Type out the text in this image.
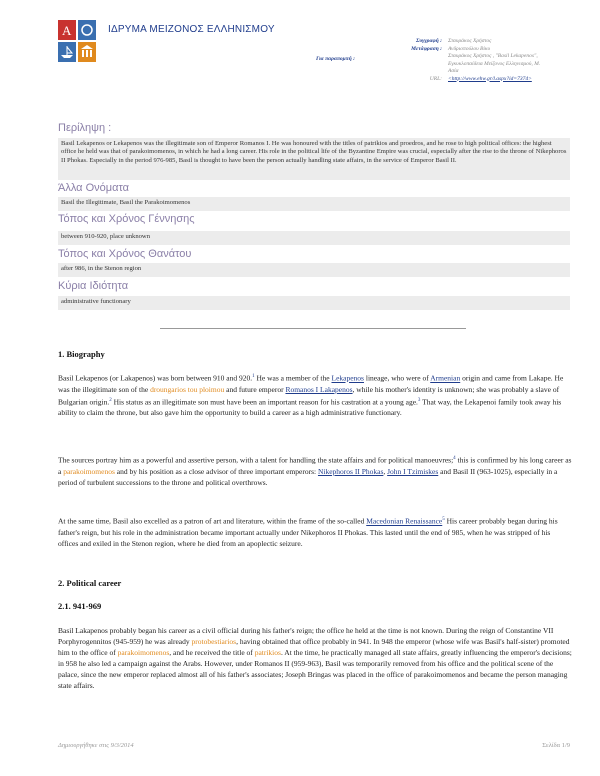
A	ΙΔΡΥΜΑ ΜΕΙΖΟΝΟΣ ΕΛΛΗΝΙΣΜΟΥ
Συγγραφή : Σταυράκος Χρήστος
Μετάφραση : Ανδριοπούλου Βίκυ
Σταυράκος Χρήστος , "Basil Lekapenos", Εγκυκλοπαίδεια Μείζονος Ελληνισμού, Μ. Ασία
URL: <http://www.ehw.gr/l.aspx?id=7374>
Για παραπομπή :
Περίληψη :
Basil Lekapenos or Lekapenos was the illegitimate son of Emperor Romanos I. He was honoured with the titles of patrikios and proedros, and he rose to high political offices: the highest office he held was that of parakoimomenos, in which he had a long career. His role in the political life of the Byzantine Empire was crucial, especially after the rise to the throne of Nikephoros II Phokas. Especially in the period 976-985, Basil is thought to have been the person actually handling state affairs, in the service of Emperor Basil II.
Άλλα Ονόματα
Basil the Illegitimate, Basil the Parakoimomenos
Τόπος και Χρόνος Γέννησης
between 910-920, place unknown
Τόπος και Χρόνος Θανάτου
after 986, in the Stenon region
Κύρια Ιδιότητα
administrative functionary
1. Biography
Basil Lekapenos (or Lakapenos) was born between 910 and 920.$^1$ He was a member of the Lekapenos lineage, who were of Armenian origin and came from Lakape. He was the illegitimate son of the droungarios tou ploimou and future emperor Romanos I Lakapenos, while his mother's identity is unknown; she was probably a slave of Bulgarian origin.$^2$ His status as an illegitimate son must have been an important reason for his castration at a young age.$^3$ That way, the Lekapenoi family took away his ability to claim the throne, but also gave him the opportunity to build a career as a high administrative functionary.
The sources portray him as a powerful and assertive person, with a talent for handling the state affairs and for political manoeuvres;$^4$ this is confirmed by his long career as a parakoimomenos and by his position as a close advisor of three important emperors: Nikephoros II Phokas, John I Tzimiskes and Basil II (963-1025), especially in a period of turbulent successions to the throne and political overthrows.
At the same time, Basil also excelled as a patron of art and literature, within the frame of the so-called Macedonian Renaissance$^5$ His career probably began during his father's reign, but his role in the administration became important actually under Nikephoros II Phokas. This lasted until the end of 985, when he was stripped of his offices and exiled in the Stenon region, where he died from an apoplectic seizure.
2. Political career
2.1. 941-969
Basil Lakapenos probably began his career as a civil official during his father's reign; the office he held at the time is not known. During the reign of Constantine VII Porphyrogennitos (945-959) he was already protobestiarios, having obtained that office probably in 941. In 948 the emperor (whose wife was Basil's half-sister) promoted him to the office of parakoimomenos, and he received the title of patrikios. At the time, he practically managed all state affairs, greatly influencing the emperor's decisions; in 958 he also led a campaign against the Arabs. However, under Romanos II (959-963), Basil was temporarily removed from his office and the political scene of the palace, since the new emperor replaced almost all of his father's associates; Joseph Bringas was placed in the office of parakoimomenos and became the person managing state affairs.
Δημιουργήθηκε στις 9/3/2014	Σελίδα 1/9
